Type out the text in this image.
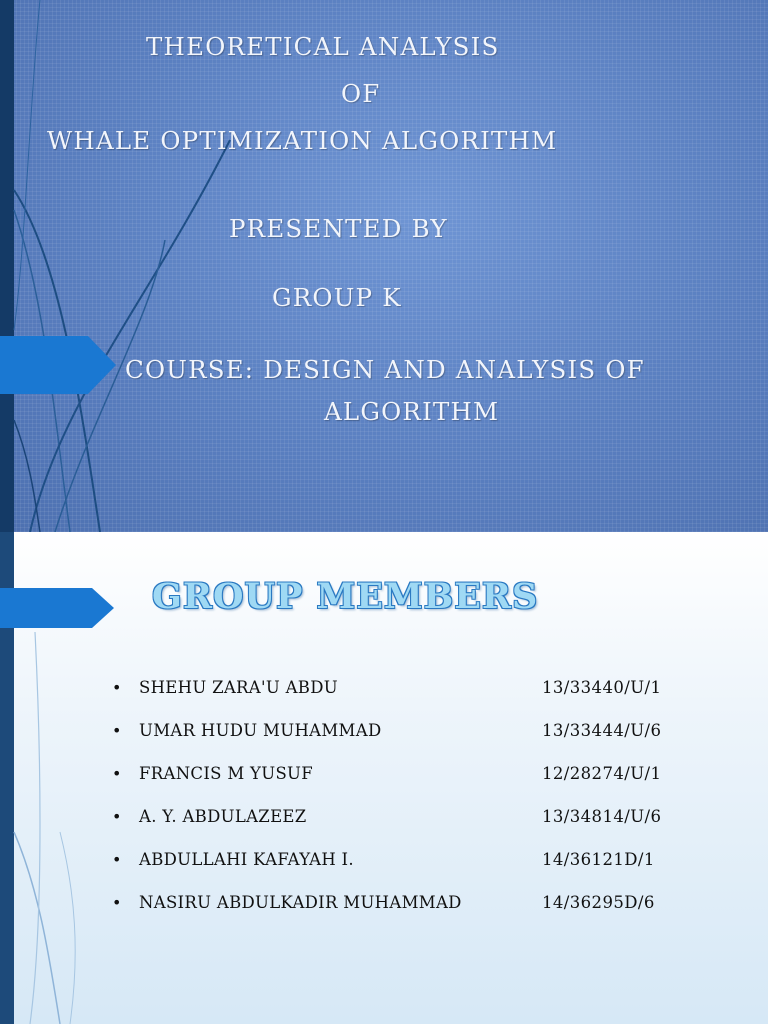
THEORETICAL ANALYSIS
OF
WHALE OPTIMIZATION ALGORITHM
PRESENTED BY
GROUP K
COURSE: DESIGN AND ANALYSIS OF
ALGORITHM
GROUP MEMBERS
• SHEHU ZARA'U ABDU	13/33440/U/1
• UMAR HUDU MUHAMMAD	13/33444/U/6
• FRANCIS M YUSUF	12/28274/U/1
• A. Y. ABDULAZEEZ	13/34814/U/6
• ABDULLAHI KAFAYAH I.	14/36121D/1
• NASIRU ABDULKADIR MUHAMMAD	14/36295D/6
